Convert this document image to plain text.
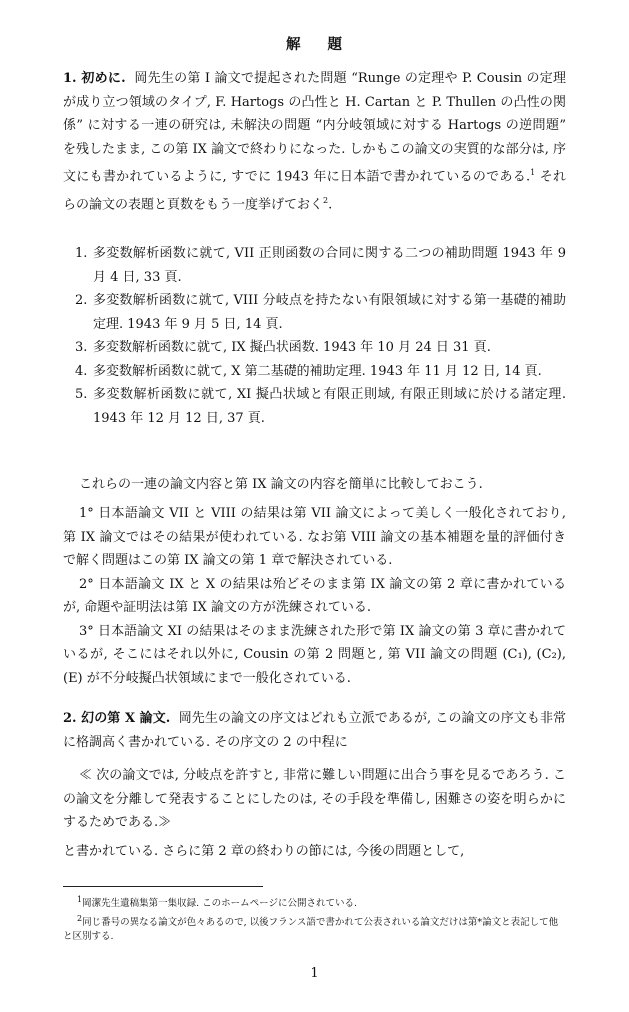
解 題

1. 初めに. 岡先生の第 I 論文で提起された問題 “Runge の定理や P. Cousin の定理が成り立つ領域のタイプ, F. Hartogs の凸性と H. Cartan と P. Thullen の凸性の関係” に対する一連の研究は, 未解決の問題 “内分岐領域に対する Hartogs の逆問題” を残したまま, この第 IX 論文で終わりになった. しかもこの論文の実質的な部分は, 序文にも書かれているように, すでに 1943 年に日本語で書かれているのである.$^1$ それらの論文の表題と頁数をもう一度挙げておく$^2$.

1. 多変数解析函数に就て, VII 正則函数の合同に関する二つの補助問題 1943 年 9 月 4 日, 33 頁.
2. 多変数解析函数に就て, VIII 分岐点を持たない有限領域に対する第一基礎的補助定理. 1943 年 9 月 5 日, 14 頁.
3. 多変数解析函数に就て, IX 擬凸状函数. 1943 年 10 月 24 日 31 頁.
4. 多変数解析函数に就て, X 第二基礎的補助定理. 1943 年 11 月 12 日, 14 頁.
5. 多変数解析函数に就て, XI 擬凸状域と有限正則域, 有限正則域に於ける諸定理. 1943 年 12 月 12 日, 37 頁.

これらの一連の論文内容と第 IX 論文の内容を簡単に比較しておこう.

1° 日本語論文 VII と VIII の結果は第 VII 論文によって美しく一般化されており, 第 IX 論文ではその結果が使われている. なお第 VIII 論文の基本補題を量的評価付きで解く問題はこの第 IX 論文の第 1 章で解決されている.

2° 日本語論文 IX と X の結果は殆どそのまま第 IX 論文の第 2 章に書かれているが, 命題や証明法は第 IX 論文の方が洗練されている.

3° 日本語論文 XI の結果はそのまま洗練された形で第 IX 論文の第 3 章に書かれているが, そこにはそれ以外に, Cousin の第 2 問題と, 第 VII 論文の問題 (C₁), (C₂), (E) が不分岐擬凸状領域にまで一般化されている.

2. 幻の第 X 論文. 岡先生の論文の序文はどれも立派であるが, この論文の序文も非常に格調高く書かれている. その序文の 2 の中程に

≪ 次の論文では, 分岐点を許すと, 非常に難しい問題に出合う事を見るであろう. この論文を分離して発表することにしたのは, その手段を準備し, 困難さの姿を明らかにするためである.≫

と書かれている. さらに第 2 章の終わりの節には, 今後の問題として,

$^1$岡潔先生遺稿集第一集収録. このホームページに公開されている.
$^2$同じ番号の異なる論文が色々あるので, 以後フランス語で書かれて公表されいる論文だけは第*論文と表記して他と区別する.
1
